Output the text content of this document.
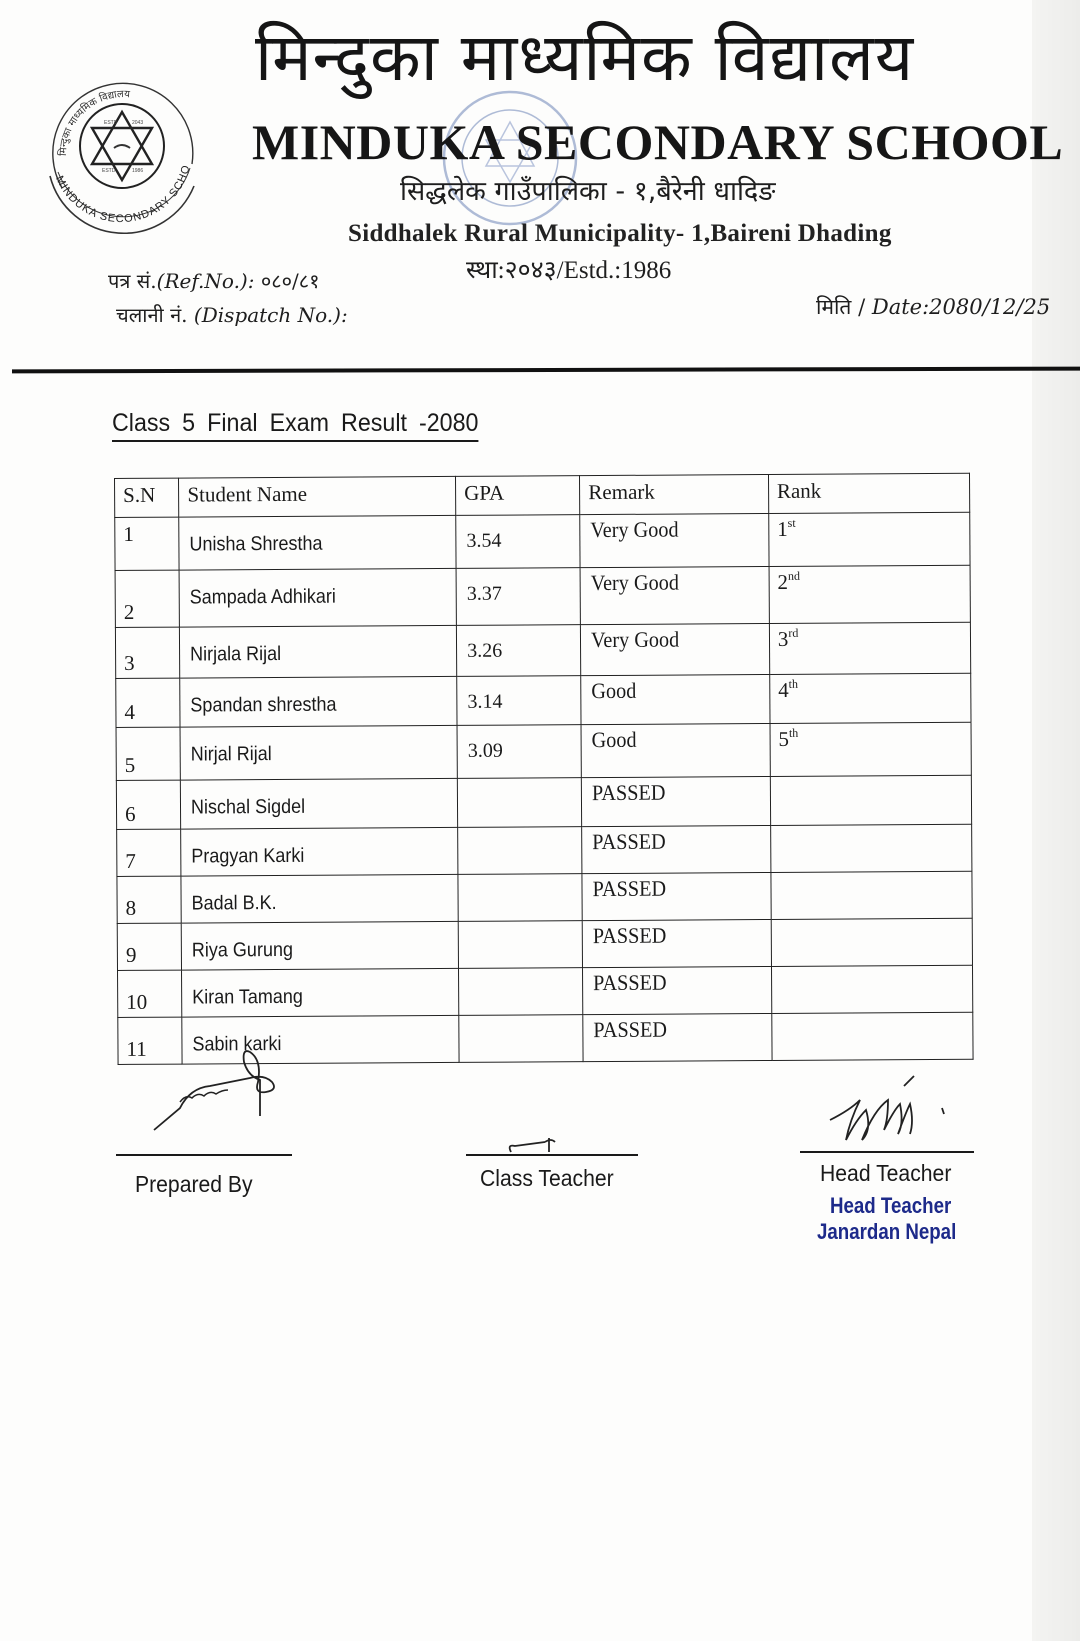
ESTD	2043
ESTD	1986
मिन्दुका माध्यमिक विद्यालय
MINDUKA SECONDARY SCHOOL	मिन्दुका माध्यमिक विद्यालय
MINDUKA SECONDARY SCHOOL
सिद्धलेक गाउँपालिका - १,बैरेनी धादिङ
Siddhalek Rural Municipality- 1,Baireni Dhading
स्था:२०४३/Estd.:1986
पत्र सं.(Ref.No.): ०८०/८१
चलानी नं. (Dispatch No.):	मिति / Date:2080/12/25
Class 5 Final Exam Result -2080
S.N	Student Name	GPA	Remark	Rank

1	Unisha Shrestha	3.54	Very Good	1st

2	Sampada Adhikari	3.37	Very Good	2nd

3	Nirjala Rijal	3.26	Very Good	3rd

4	Spandan shrestha	3.14	Good	4th

5	Nirjal Rijal	3.09	Good	5th

6	Nischal Sigdel		PASSED	

7	Pragyan Karki		PASSED	

8	Badal B.K.		PASSED	

9	Riya Gurung		PASSED	

10	Kiran Tamang		PASSED	

11	Sabin karki		PASSED	

Prepared By	Class Teacher	Head Teacher
Head Teacher
Janardan Nepal
